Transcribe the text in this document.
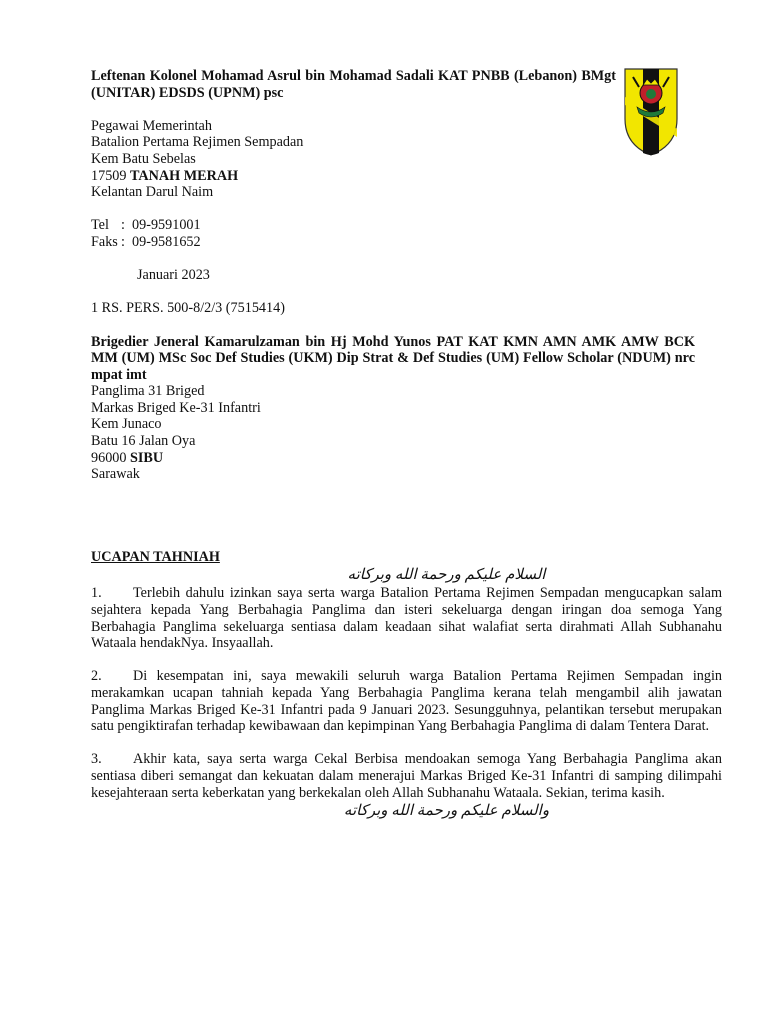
Leftenan Kolonel Mohamad Asrul bin Mohamad Sadali KAT PNBB (Lebanon) BMgt (UNITAR) EDSDS (UPNM) psc
Pegawai Memerintah
Batalion Pertama Rejimen Sempadan
Kem Batu Sebelas
17509 TANAH MERAH
Kelantan Darul Naim
Tel :  09-9591001
Faks :  09-9581652
Januari 2023
1 RS. PERS. 500-8/2/3 (7515414)
Brigedier Jeneral Kamarulzaman bin Hj Mohd Yunos PAT KAT KMN AMN AMK AMW BCK MM (UM) MSc Soc Def Studies (UKM) Dip Strat & Def Studies (UM) Fellow Scholar (NDUM) nrc mpat imt
Panglima 31 Briged
Markas Briged Ke-31 Infantri
Kem Junaco
Batu 16 Jalan Oya
96000 SIBU
Sarawak
UCAPAN TAHNIAH
السلام عليكم ورحمة الله وبركاته
1. Terlebih dahulu izinkan saya serta warga Batalion Pertama Rejimen Sempadan mengucapkan salam sejahtera kepada Yang Berbahagia Panglima dan isteri sekeluarga dengan iringan doa semoga Yang Berbahagia Panglima sekeluarga sentiasa dalam keadaan sihat walafiat serta dirahmati Allah Subhanahu Wataala hendakNya. Insyaallah.
2. Di kesempatan ini, saya mewakili seluruh warga Batalion Pertama Rejimen Sempadan ingin merakamkan ucapan tahniah kepada Yang Berbahagia Panglima kerana telah mengambil alih jawatan Panglima Markas Briged Ke-31 Infantri pada 9 Januari 2023. Sesungguhnya, pelantikan tersebut merupakan satu pengiktirafan terhadap kewibawaan dan kepimpinan Yang Berbahagia Panglima di dalam Tentera Darat.
3. Akhir kata, saya serta warga Cekal Berbisa mendoakan semoga Yang Berbahagia Panglima akan sentiasa diberi semangat dan kekuatan dalam menerajui Markas Briged Ke-31 Infantri di samping dilimpahi kesejahteraan serta keberkatan yang berkekalan oleh Allah Subhanahu Wataala. Sekian, terima kasih.
والسلام عليكم ورحمة الله وبركاته
